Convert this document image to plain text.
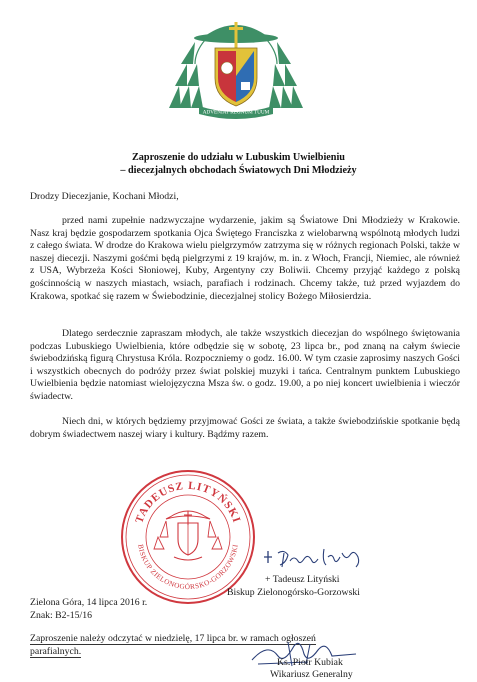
ADVENIAT REGNUM TUUM
Zaproszenie do udziału w Lubuskim Uwielbieniu
– diecezjalnych obchodach Światowych Dni Młodzieży
Drodzy Diecezjanie, Kochani Młodzi,

przed nami zupełnie nadzwyczajne wydarzenie, jakim są Światowe Dni Młodzieży w Krakowie. Nasz kraj będzie gospodarzem spotkania Ojca Świętego Franciszka z wielobarwną wspólnotą młodych ludzi z całego świata. W drodze do Krakowa wielu pielgrzymów zatrzyma się w różnych regionach Polski, także w naszej diecezji. Naszymi gośćmi będą pielgrzymi z 19 krajów, m. in. z Włoch, Francji, Niemiec, ale również z USA, Wybrzeża Kości Słoniowej, Kuby, Argentyny czy Boliwii. Chcemy przyjąć każdego z polską gościnnością w naszych miastach, wsiach, parafiach i rodzinach. Chcemy także, tuż przed wyjazdem do Krakowa, spotkać się razem w Świebodzinie, diecezjalnej stolicy Bożego Miłosierdzia.

Dlatego serdecznie zapraszam młodych, ale także wszystkich diecezjan do wspólnego świętowania podczas Lubuskiego Uwielbienia, które odbędzie się w sobotę, 23 lipca br., pod znaną na całym świecie świebodzińską figurą Chrystusa Króla. Rozpoczniemy o godz. 16.00. W tym czasie zaprosimy naszych Gości i wszystkich obecnych do podróży przez świat polskiej muzyki i tańca. Centralnym punktem Lubuskiego Uwielbienia będzie natomiast wielojęzyczna Msza św. o godz. 19.00, a po niej koncert uwielbienia i wieczór świadectw.

Niech dni, w których będziemy przyjmować Gości ze świata, a także świebodzińskie spotkanie będą dobrym świadectwem naszej wiary i kultury. Bądźmy razem.

TADEUSZ LITYŃSKI
BISKUP ZIELONOGÓRSKO-GORZOWSKI
+ Tadeusz Lityński
Biskup Zielonogórsko-Gorzowski
Zielona Góra, 14 lipca 2016 r.
Znak: B2-15/16
Zaproszenie należy odczytać w niedzielę, 17 lipca br. w ramach ogłoszeń
parafialnych.
Ks. Piotr Kubiak
Wikariusz Generalny
